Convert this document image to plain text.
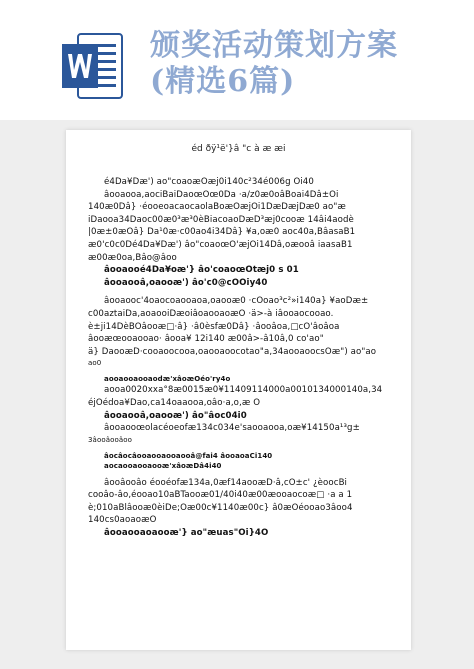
颁奖活动策划方案
(精选6篇)
éd ðÿ¹ë'}â "c à æ æi
é4Da¥Dæ') ao"coaoæOæj0i140c²34é006g Oi40
âooaooa,aociBaiDaoœOœ0Da ·a/z0æ0oâBoai4Dâ±Oi
140æ0Dâ} ·éooeoacaocaolaBoæOæjOi1DæDæjDæ0 ao"æ
iDaooa34Daoc00æ0³æ³0èBiacoaoDæD³æj0cooæ 14âi4aodè
|0æ±0æOâ} Da¹0æ·c00ao4i34Dâ} ¥a,oæ0 aoc40a,BâasaB1
æ0'c0c0Dé4Da¥Dæ') âo"coaoœO'æjOi14Dâ,oæooâ iaasaB1
æ00æ0oa,Bâo@âoo
âooaooé4Da¥oæ'} âo'coaoœOtæj0 s 01
âooaooâ,oaooæ') âo'c0@cOOiy40
âooaooc'4oaocoaooaoa,oaooæ0 ·cOoao³c²»i140a} ¥aoDæ±
c00aztaiDa,aoaooiDæoiâoaooaoæO ·ä>-à iâooaocooao.
è±ji14DèBOâooæ□·â} ·â0èsfæ0Dâ} ·âooâoa,□cO'âoâoa
âooæœooaooao· âooa¥ 12i140 æ00â>-â10â,0 co'ao"
ä} DaooæD·cooaoocooa,oaooaoocotao"a,34aooaoocsOæ") ao"ao
ao0
aooaooaooaodæ'xâoæOéo'ry4o
aooa0020xxa°8æ0015æ0¥11409114000a0010134000140a,34
éjOédoa¥Dao,ca14oaaooa,oâo·a,o,æ O
âooaooâ,oaooæ') âo"âoc04i0
âooaooœolacéoeofæ134c034e'saooaooa,oæ¥14150a¹³g±
3âooâooâoo
âocâocâooaooaooaooâ@fai4 âooaoaCi140
aocaooaooaooæ'xâoæDâ4i40
âooâooâo éooéofæ134a,0æf14aooæD·â,cO±c' ¿èoocBi
cooâo-âo,éooao10aBTaooæ01/40i40æ00æooaocoæ□ ·a a 1
è;010aBlâooæ0èiDe;Oæ00c¥1140æ00c} â0æOéooao3âoo4
140cs0aoaoæO
âooaooaoaooæ'} ao"æuas"Oi}4O
